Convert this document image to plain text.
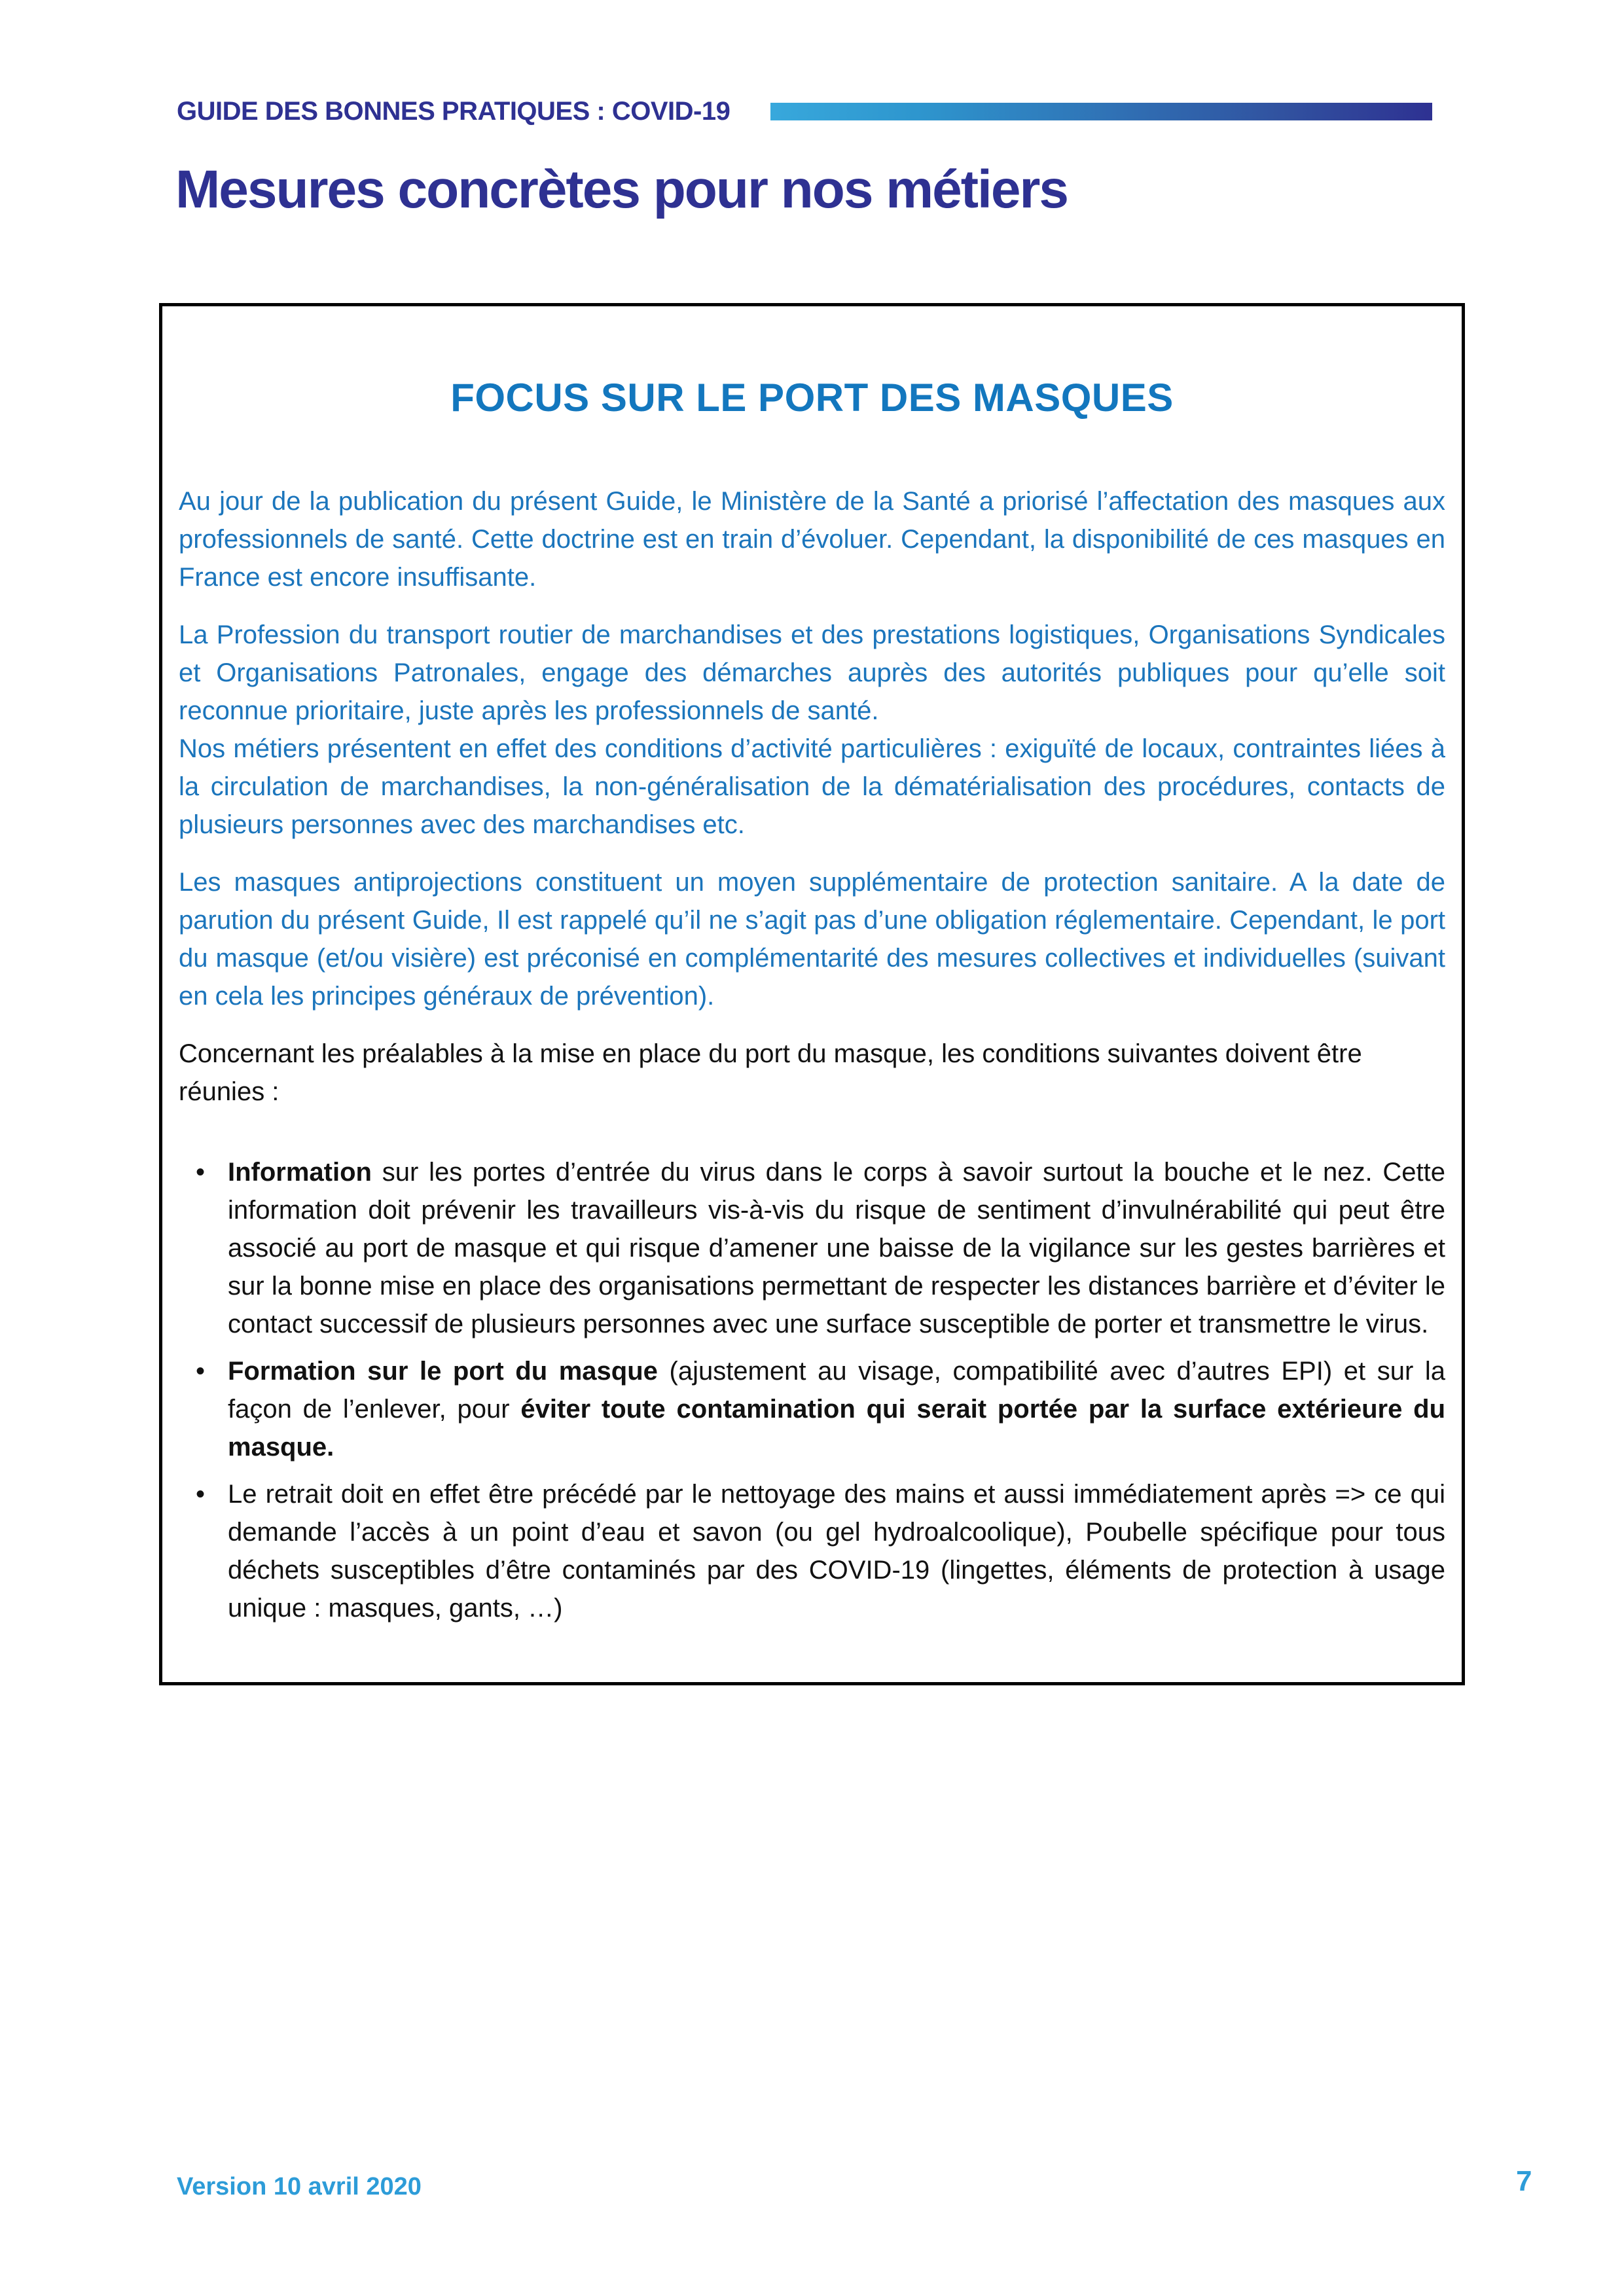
GUIDE DES BONNES PRATIQUES : COVID-19
Mesures concrètes pour nos métiers
FOCUS SUR LE PORT DES MASQUES

Au jour de la publication du présent Guide, le Ministère de la Santé a priorisé l’affectation des masques aux professionnels de santé. Cette doctrine est en train d’évoluer. Cependant, la disponibilité de ces masques en France est encore insuffisante.

La Profession du transport routier de marchandises et des prestations logistiques, Organisations Syndicales et Organisations Patronales, engage des démarches auprès des autorités publiques pour qu’elle soit reconnue prioritaire, juste après les professionnels de santé.

Nos métiers présentent en effet des conditions d’activité particulières : exiguïté de locaux, contraintes liées à la circulation de marchandises, la non-généralisation de la dématérialisation des procédures, contacts de plusieurs personnes avec des marchandises etc.

Les masques antiprojections constituent un moyen supplémentaire de protection sanitaire. A la date de parution du présent Guide, Il est rappelé qu’il ne s’agit pas d’une obligation réglementaire. Cependant, le port du masque (et/ou visière) est préconisé en complémentarité des mesures collectives et individuelles (suivant en cela les principes généraux de prévention).

Concernant les préalables à la mise en place du port du masque, les conditions suivantes doivent être réunies :

• Information sur les portes d’entrée du virus dans le corps à savoir surtout la bouche et le nez. Cette information doit prévenir les travailleurs vis-à-vis du risque de sentiment d’invulnérabilité qui peut être associé au port de masque et qui risque d’amener une baisse de la vigilance sur les gestes barrières et sur la bonne mise en place des organisations permettant de respecter les distances barrière et d’éviter le contact successif de plusieurs personnes avec une surface susceptible de porter et transmettre le virus.
• Formation sur le port du masque (ajustement au visage, compatibilité avec d’autres EPI) et sur la façon de l’enlever, pour éviter toute contamination qui serait portée par la surface extérieure du masque.
• Le retrait doit en effet être précédé par le nettoyage des mains et aussi immédiatement après => ce qui demande l’accès à un point d’eau et savon (ou gel hydroalcoolique), Poubelle spécifique pour tous déchets susceptibles d’être contaminés par des COVID-19 (lingettes, éléments de protection à usage unique : masques, gants, …)
Version 10 avril 2020	7
